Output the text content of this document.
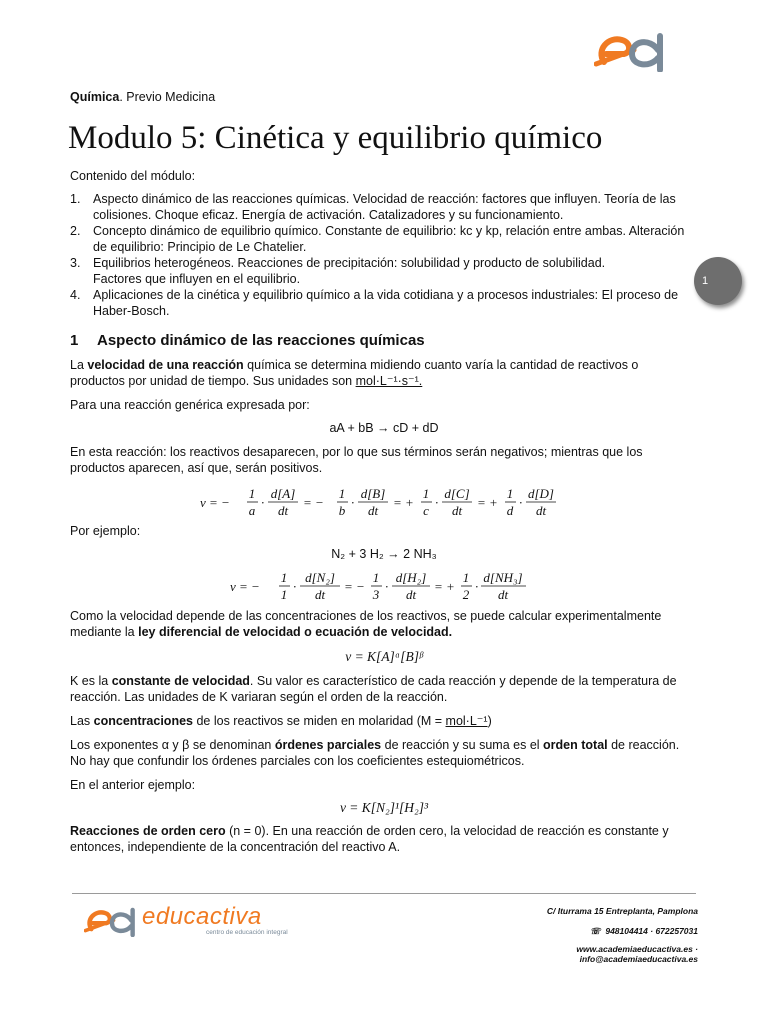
Química. Previo Medicina
Modulo 5: Cinética y equilibrio químico
Contenido del módulo:
1. Aspecto dinámico de las reacciones químicas. Velocidad de reacción: factores que influyen. Teoría de las colisiones. Choque eficaz. Energía de activación. Catalizadores y su funcionamiento.
2. Concepto dinámico de equilibrio químico. Constante de equilibrio: kc y kp, relación entre ambas. Alteración de equilibrio: Principio de Le Chatelier.
3. Equilibrios heterogéneos. Reacciones de precipitación: solubilidad y producto de solubilidad. Factores que influyen en el equilibrio.
4. Aplicaciones de la cinética y equilibrio químico a la vida cotidiana y a procesos industriales: El proceso de Haber-Bosch.
1
1 Aspecto dinámico de las reacciones químicas
La velocidad de una reacción química se determina midiendo cuanto varía la cantidad de reactivos o productos por unidad de tiempo. Sus unidades son mol·L⁻¹·s⁻¹.
Para una reacción genérica expresada por:
aA + bB → cD + dD
En esta reacción: los reactivos desaparecen, por lo que sus términos serán negativos; mientras que los productos aparecen, así que, serán positivos.
v = −
1
a
·
d[A]
dt
= −
1
b
·
d[B]
dt
= +
1
c
·
d[C]
dt
= +
1
d
·
d[D]
dt
Por ejemplo:
N₂ + 3 H₂ → 2 NH₃
v = −
1
1
·
d[N₂]
dt
= −
1
3
·
d[H₂]
dt
= +
1
2
·
d[NH₃]
dt
Como la velocidad depende de las concentraciones de los reactivos, se puede calcular experimentalmente mediante la ley diferencial de velocidad o ecuación de velocidad.
v = K[A]ᵅ[B]ᵝ
K es la constante de velocidad. Su valor es característico de cada reacción y depende de la temperatura de reacción. Las unidades de K variaran según el orden de la reacción.
Las concentraciones de los reactivos se miden en molaridad (M = mol·L⁻¹)
Los exponentes α y β se denominan órdenes parciales de reacción y su suma es el orden total de reacción. No hay que confundir los órdenes parciales con los coeficientes estequiométricos.
En el anterior ejemplo:
v = K[N₂]¹[H₂]³
Reacciones de orden cero (n = 0). En una reacción de orden cero, la velocidad de reacción es constante y entonces, independiente de la concentración del reactivo A.
educactiva
centro de educación integral
C/ Iturrama 15 Entreplanta, Pamplona
☏ 948104414 · 672257031
www.academiaeducactiva.es · info@academiaeducactiva.es
